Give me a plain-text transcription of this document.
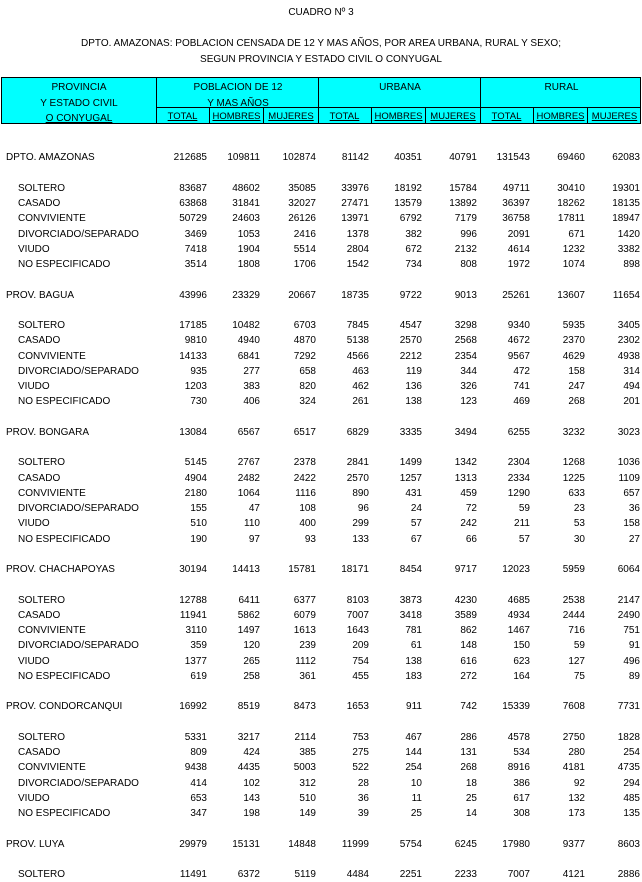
CUADRO Nº 3
DPTO. AMAZONAS: POBLACION CENSADA DE 12 Y MAS AÑOS, POR AREA URBANA, RURAL Y SEXO;
SEGUN PROVINCIA Y ESTADO CIVIL O CONYUGAL
PROVINCIA
Y ESTADO CIVIL
O CONYUGAL
POBLACION DE 12
Y MAS AÑOS
URBANA	RURAL
TOTAL	HOMBRES MUJERES	TOTAL	HOMBRES MUJERES	TOTAL	HOMBRES MUJERES
DPTO. AMAZONAS	212685 109811 102874	81142	40351	40791 131543	69460	62083
SOLTERO	83687	48602	35085	33976	18192	15784	49711	30410	19301
CASADO	63868	31841	32027	27471	13579	13892	36397	18262	18135
CONVIVIENTE	50729	24603	26126	13971	6792	7179	36758	17811	18947
DIVORCIADO/SEPARADO	3469	1053	2416	1378	382	996	2091	671	1420
VIUDO	7418	1904	5514	2804	672	2132	4614	1232	3382
NO ESPECIFICADO	3514	1808	1706	1542	734	808	1972	1074	898
PROV. BAGUA	43996	23329	20667	18735	9722	9013	25261	13607	11654
SOLTERO	17185	10482	6703	7845	4547	3298	9340	5935	3405
CASADO	9810	4940	4870	5138	2570	2568	4672	2370	2302
CONVIVIENTE	14133	6841	7292	4566	2212	2354	9567	4629	4938
DIVORCIADO/SEPARADO	935	277	658	463	119	344	472	158	314
VIUDO	1203	383	820	462	136	326	741	247	494
NO ESPECIFICADO	730	406	324	261	138	123	469	268	201
PROV. BONGARA	13084	6567	6517	6829	3335	3494	6255	3232	3023
SOLTERO	5145	2767	2378	2841	1499	1342	2304	1268	1036
CASADO	4904	2482	2422	2570	1257	1313	2334	1225	1109
CONVIVIENTE	2180	1064	1116	890	431	459	1290	633	657
DIVORCIADO/SEPARADO	155	47	108	96	24	72	59	23	36
VIUDO	510	110	400	299	57	242	211	53	158
NO ESPECIFICADO	190	97	93	133	67	66	57	30	27
PROV. CHACHAPOYAS	30194	14413	15781	18171	8454	9717	12023	5959	6064
SOLTERO	12788	6411	6377	8103	3873	4230	4685	2538	2147
CASADO	11941	5862	6079	7007	3418	3589	4934	2444	2490
CONVIVIENTE	3110	1497	1613	1643	781	862	1467	716	751
DIVORCIADO/SEPARADO	359	120	239	209	61	148	150	59	91
VIUDO	1377	265	1112	754	138	616	623	127	496
NO ESPECIFICADO	619	258	361	455	183	272	164	75	89
PROV. CONDORCANQUI	16992	8519	8473	1653	911	742	15339	7608	7731
SOLTERO	5331	3217	2114	753	467	286	4578	2750	1828
CASADO	809	424	385	275	144	131	534	280	254
CONVIVIENTE	9438	4435	5003	522	254	268	8916	4181	4735
DIVORCIADO/SEPARADO	414	102	312	28	10	18	386	92	294
VIUDO	653	143	510	36	11	25	617	132	485
NO ESPECIFICADO	347	198	149	39	25	14	308	173	135
PROV. LUYA	29979	15131	14848	11999	5754	6245	17980	9377	8603
SOLTERO	11491	6372	5119	4484	2251	2233	7007	4121	2886
